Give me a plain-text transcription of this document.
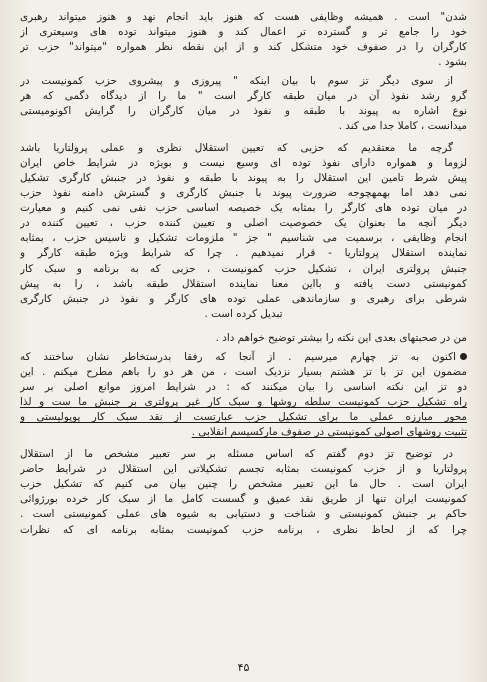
شدن" است . همیشه وظایفی هست که هنوز باید انجام نهد و هنوز میتواند رهبری
خود را جامع تر و گسترده تر اعمال کند و هنوز میتواند توده های وسیعتری از
کارگران را در صفوف خود متشکل کند و از این نقطه نظر همواره "میتواند" حزب تر
بشود .
از سوی دیگر تز سوم با بیان اینکه " پیروزی و پیشروی حزب کمونیست در
گرو رشد نفوذ آن در میان طبقه کارگر است " ما را از دیدگاه دگمی که هر
نوع اشاره به پیوند با طبقه و نفوذ در میان کارگران را گرایش اکونومیستی
میدانست ، کاملا جدا می کند .
گرچه ما معتقدیم که حزبی که تعیین استقلال نظری و عملی پرولتاریا باشد
لزوما و همواره دارای نفوذ توده ای وسیع نیست و بویژه در شرایط خاص ایران
پیش شرط تامین این استقلال را به پیوند با طبقه و نفوذ در جنبش کارگری تشکیل
نمی دهد اما بهمهچوجه ضرورت پیوند با جنبش کارگری و گسترش دامنه نفوذ حزب
در میان توده های کارگر را بمثابه یک خصیصه اساسی حزب نفی نمی کنیم و معیارت
دیگر آنچه ما بعنوان یک خصوصیت اصلی و تعیین کننده حزب ، تعیین کننده در
انجام وظایفی ، برسمیت می شناسیم " جز " ملزومات تشکیل و تاسیس حزب ، بمثابه
نماینده استقلال پرولتاریا - قرار نمیدهیم . چرا که شرایط ویژه طبقه کارگر و
جنبش پرولتری ایران ، تشکیل حزب کمونیست ، حزبی که به برنامه و سبک کار
کمونیستی دست یافته و بااین معنا نماینده استقلال طبقه باشد ، را به پیش
شرطی برای رهبری و سازماندهی عملی توده های کارگر و نفوذ در جنبش کارگری
تبدیل کرده است .
من در صحبتهای بعدی این نکته را بیشتر توضیح خواهم داد .
اکنون به تز چهارم میرسیم . از آنجا که رفقا بدرستخاطر نشان ساختند که
مضمون این تز با تز هشتم بسیار نزدیک است ، من هر دو را باهم مطرح میکنم . این
دو تز این نکته اساسی را بیان میکنند که : در شرایط امروز موانع اصلی بر سر
راه تشکیل حزب کمونیست سلطه روشها و سبک کار غیر پرولتری بر جنبش ما ست و لذا
محور مبارزه عملی ما برای تشکیل حزب عبارتست از نقد سبک کار پوپولیستی و
تثبیت روشهای اصولی کمونیستی در صفوف مارکسیسم انقلابی .
در توضیح تز دوم گفتم که اساس مسئله بر سر تعبیر مشخص ما از استقلال
پرولتاریا و از حزب کمونیست بمثابه تجسم تشکیلاتی این استقلال در شرایط حاضر
ایران است . حال ما این تعبیر مشخص را چنین بیان می کنیم که تشکیل حزب
کمونیست ایران تنها از طریق نقد عمیق و گسست کامل ما از سبک کار خرده بورژوائی
حاکم بر جنبش کمونیستی و شناخت و دستیابی به شیوه های عملی کمونیستی است .
چرا که از لحاظ نظری ، برنامه حزب کمونیست بمثابه برنامه ای که نظرات
۴۵
